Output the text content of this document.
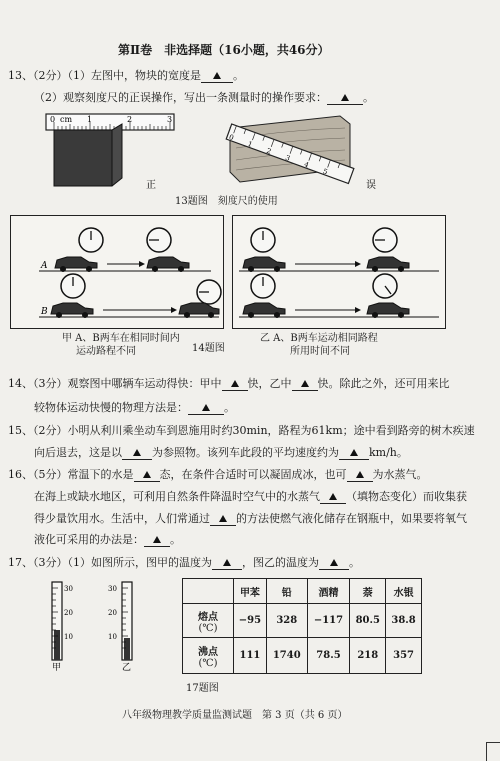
第Ⅱ卷　非选择题（16小题，共46分）
13、（2分）（1）左图中，物块的宽度是	。
（2）观察刻度尺的正误操作，写出一条测量时的操作要求：	。
0 cm 1	2	3
正
0
1
2
3
4
5
误
13题图　刻度尺的使用
A
B
甲 A、B两车在相同时间内
运动路程不同	14题图
乙 A、B两车运动相同路程
所用时间不同
14、（3分）观察图中哪辆车运动得快：甲中 快，乙中 快。除此之外，还可用来比
较物体运动快慢的物理方法是：	。
15、（2分）小明从利川乘坐动车到恩施用时约30min，路程为61km；途中看到路旁的树木疾速
向后退去，这是以	为参照物。该列车此段的平均速度约为	km/h。
16、（5分）常温下的水是 态，在条件合适时可以凝固成冰，也可 为水蒸气。
在海上或缺水地区，可利用自然条件降温时空气中的水蒸气 （填物态变化）而收集获
得少量饮用水。生活中，人们常通过 的方法使燃气液化储存在钢瓶中，如果要将氧气
液化可采用的办法是： 。
17、（3分）（1）如图所示，图甲的温度为	，图乙的温度为	。
30
20
10
甲
30
20
10
乙
	甲苯	铅	酒精	萘	水银

熔点
(℃)	−95	328	−117	80.5	38.8

沸点
(℃)	111	1740	78.5	218	357
17题图
八年级物理教学质量监测试题　第 3 页（共 6 页）
